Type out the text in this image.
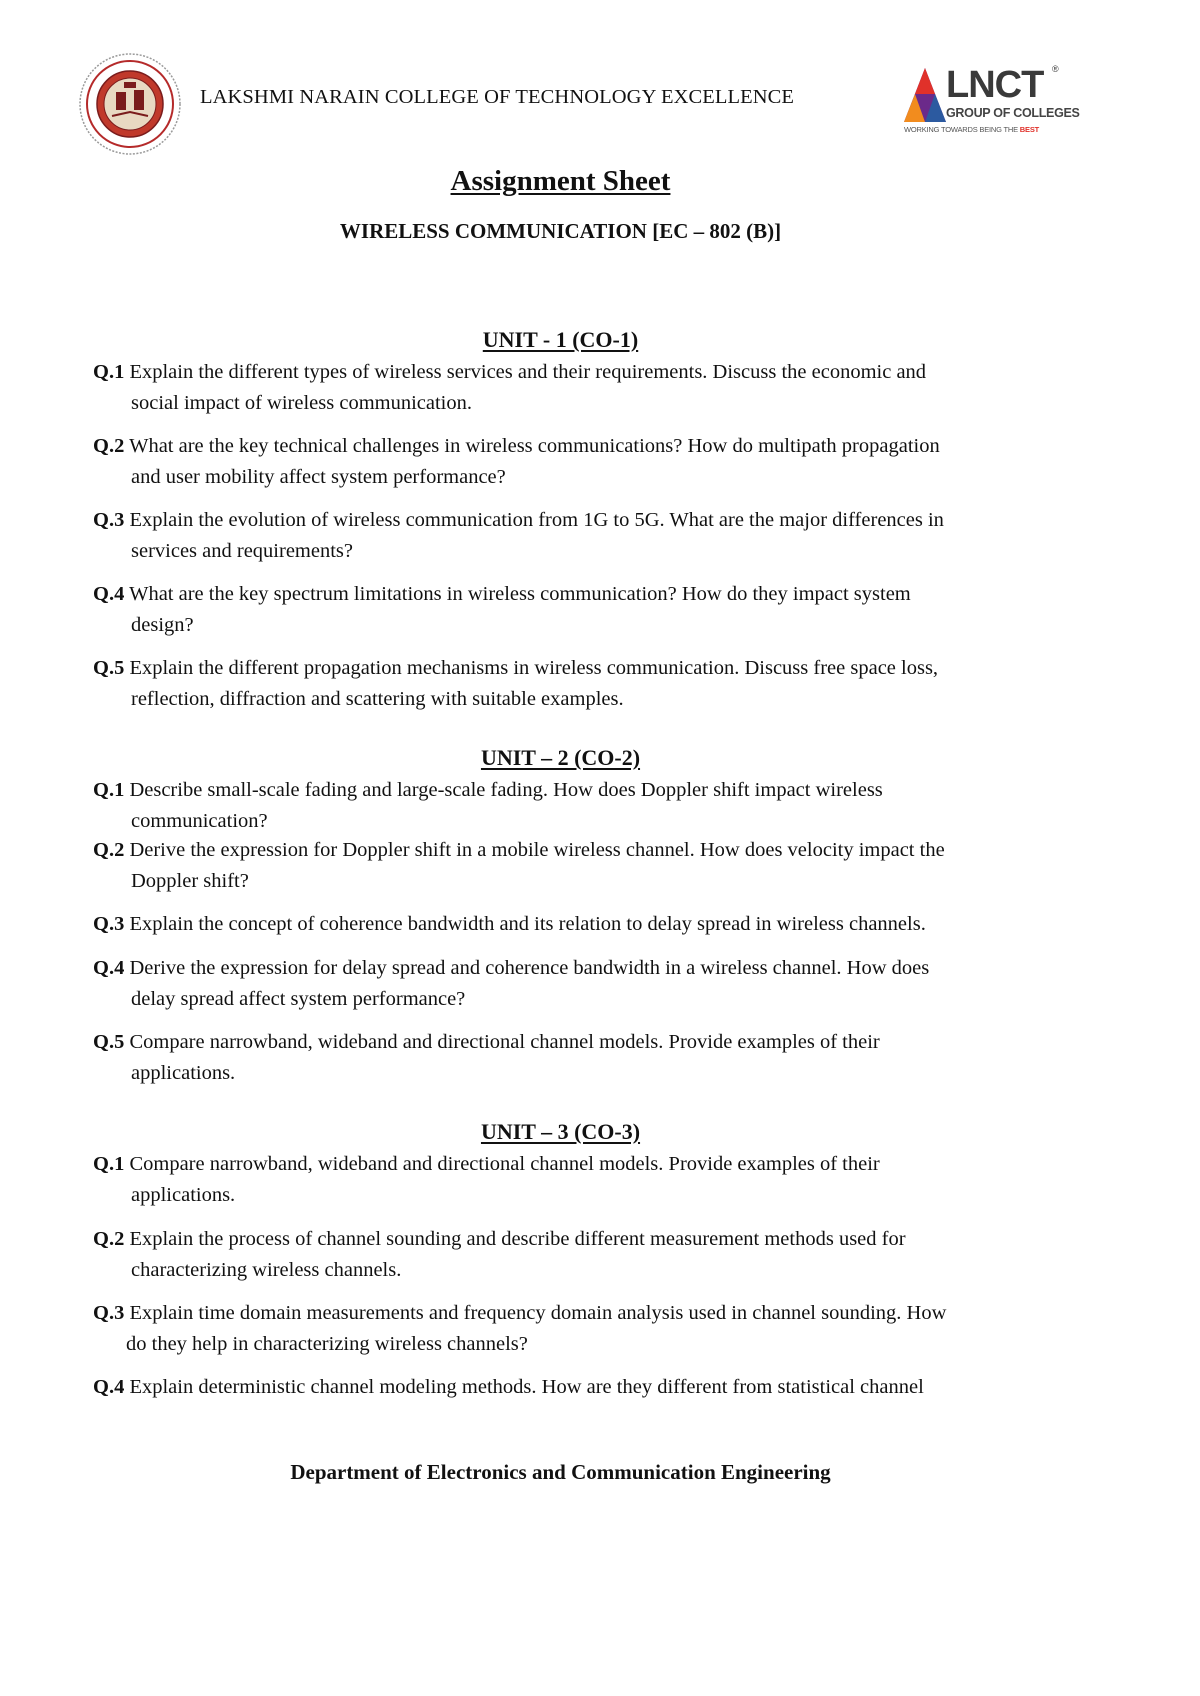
LAKSHMI NARAIN COLLEGE OF TECHNOLOGY EXCELLENCE	LNCT ®
GROUP OF COLLEGES
WORKING TOWARDS BEING THE BEST
Assignment Sheet
WIRELESS COMMUNICATION [EC – 802 (B)]
UNIT - 1 (CO-1)
Q.1 Explain the different types of wireless services and their requirements. Discuss the economic and
social impact of wireless communication.
Q.2 What are the key technical challenges in wireless communications? How do multipath propagation
and user mobility affect system performance?
Q.3 Explain the evolution of wireless communication from 1G to 5G. What are the major differences in
services and requirements?
Q.4 What are the key spectrum limitations in wireless communication? How do they impact system
design?
Q.5 Explain the different propagation mechanisms in wireless communication. Discuss free space loss,
reflection, diffraction and scattering with suitable examples.
UNIT – 2 (CO-2)
Q.1 Describe small-scale fading and large-scale fading. How does Doppler shift impact wireless
communication?
Q.2 Derive the expression for Doppler shift in a mobile wireless channel. How does velocity impact the
Doppler shift?
Q.3 Explain the concept of coherence bandwidth and its relation to delay spread in wireless channels.
Q.4 Derive the expression for delay spread and coherence bandwidth in a wireless channel. How does
delay spread affect system performance?
Q.5 Compare narrowband, wideband and directional channel models. Provide examples of their
applications.
UNIT – 3 (CO-3)
Q.1 Compare narrowband, wideband and directional channel models. Provide examples of their
applications.
Q.2 Explain the process of channel sounding and describe different measurement methods used for
characterizing wireless channels.
Q.3 Explain time domain measurements and frequency domain analysis used in channel sounding. How
do they help in characterizing wireless channels?
Q.4 Explain deterministic channel modeling methods. How are they different from statistical channel
Department of Electronics and Communication Engineering
